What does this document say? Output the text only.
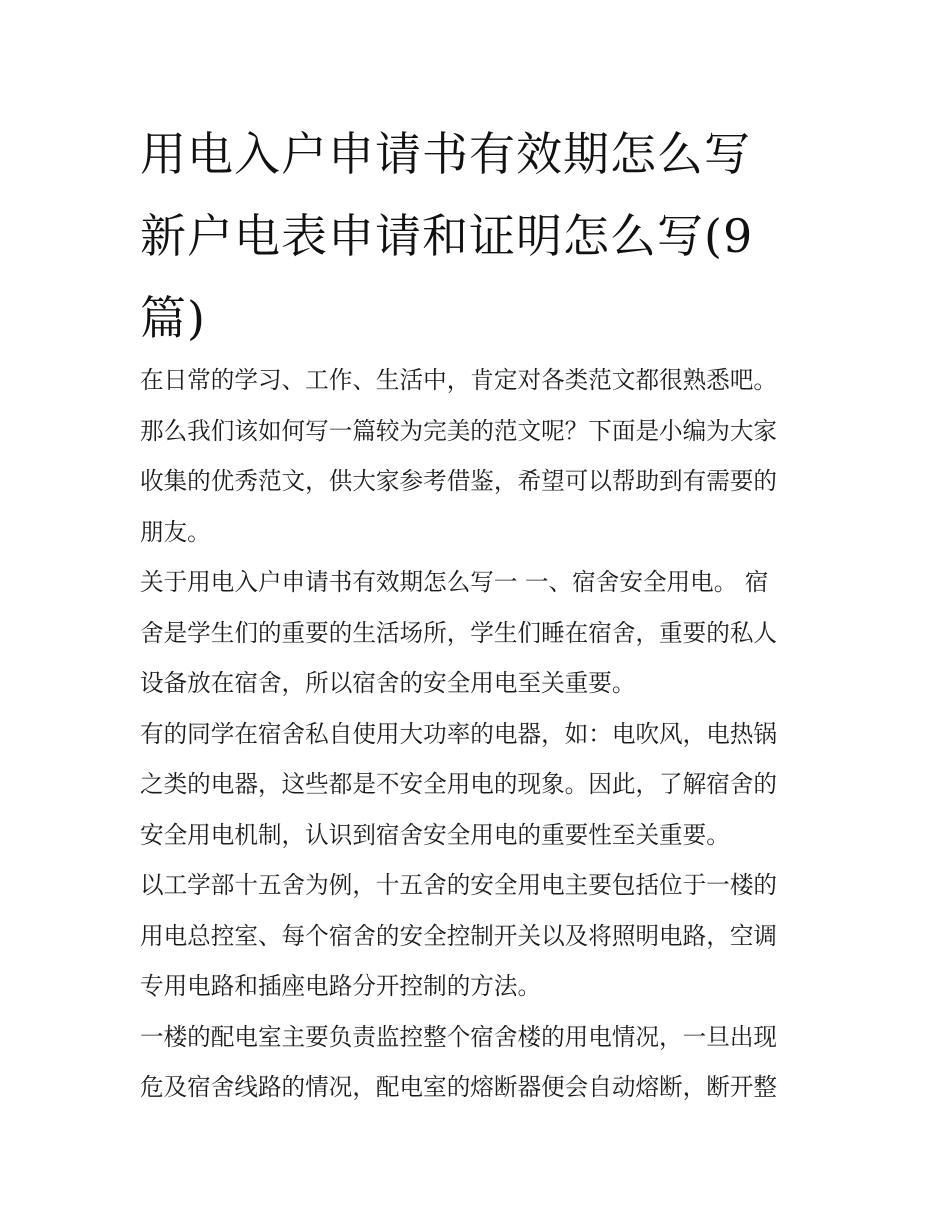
用电入户申请书有效期怎么写
新户电表申请和证明怎么写(9
篇)
在日常的学习、工作、生活中，肯定对各类范文都很熟悉吧。
那么我们该如何写一篇较为完美的范文呢？下面是小编为大家
收集的优秀范文，供大家参考借鉴，希望可以帮助到有需要的
朋友。
关于用电入户申请书有效期怎么写一 一、宿舍安全用电。 宿
舍是学生们的重要的生活场所，学生们睡在宿舍，重要的私人
设备放在宿舍，所以宿舍的安全用电至关重要。
有的同学在宿舍私自使用大功率的电器，如：电吹风，电热锅
之类的电器，这些都是不安全用电的现象。因此，了解宿舍的
安全用电机制，认识到宿舍安全用电的重要性至关重要。
以工学部十五舍为例，十五舍的安全用电主要包括位于一楼的
用电总控室、每个宿舍的安全控制开关以及将照明电路，空调
专用电路和插座电路分开控制的方法。
一楼的配电室主要负责监控整个宿舍楼的用电情况，一旦出现
危及宿舍线路的情况，配电室的熔断器便会自动熔断，断开整
